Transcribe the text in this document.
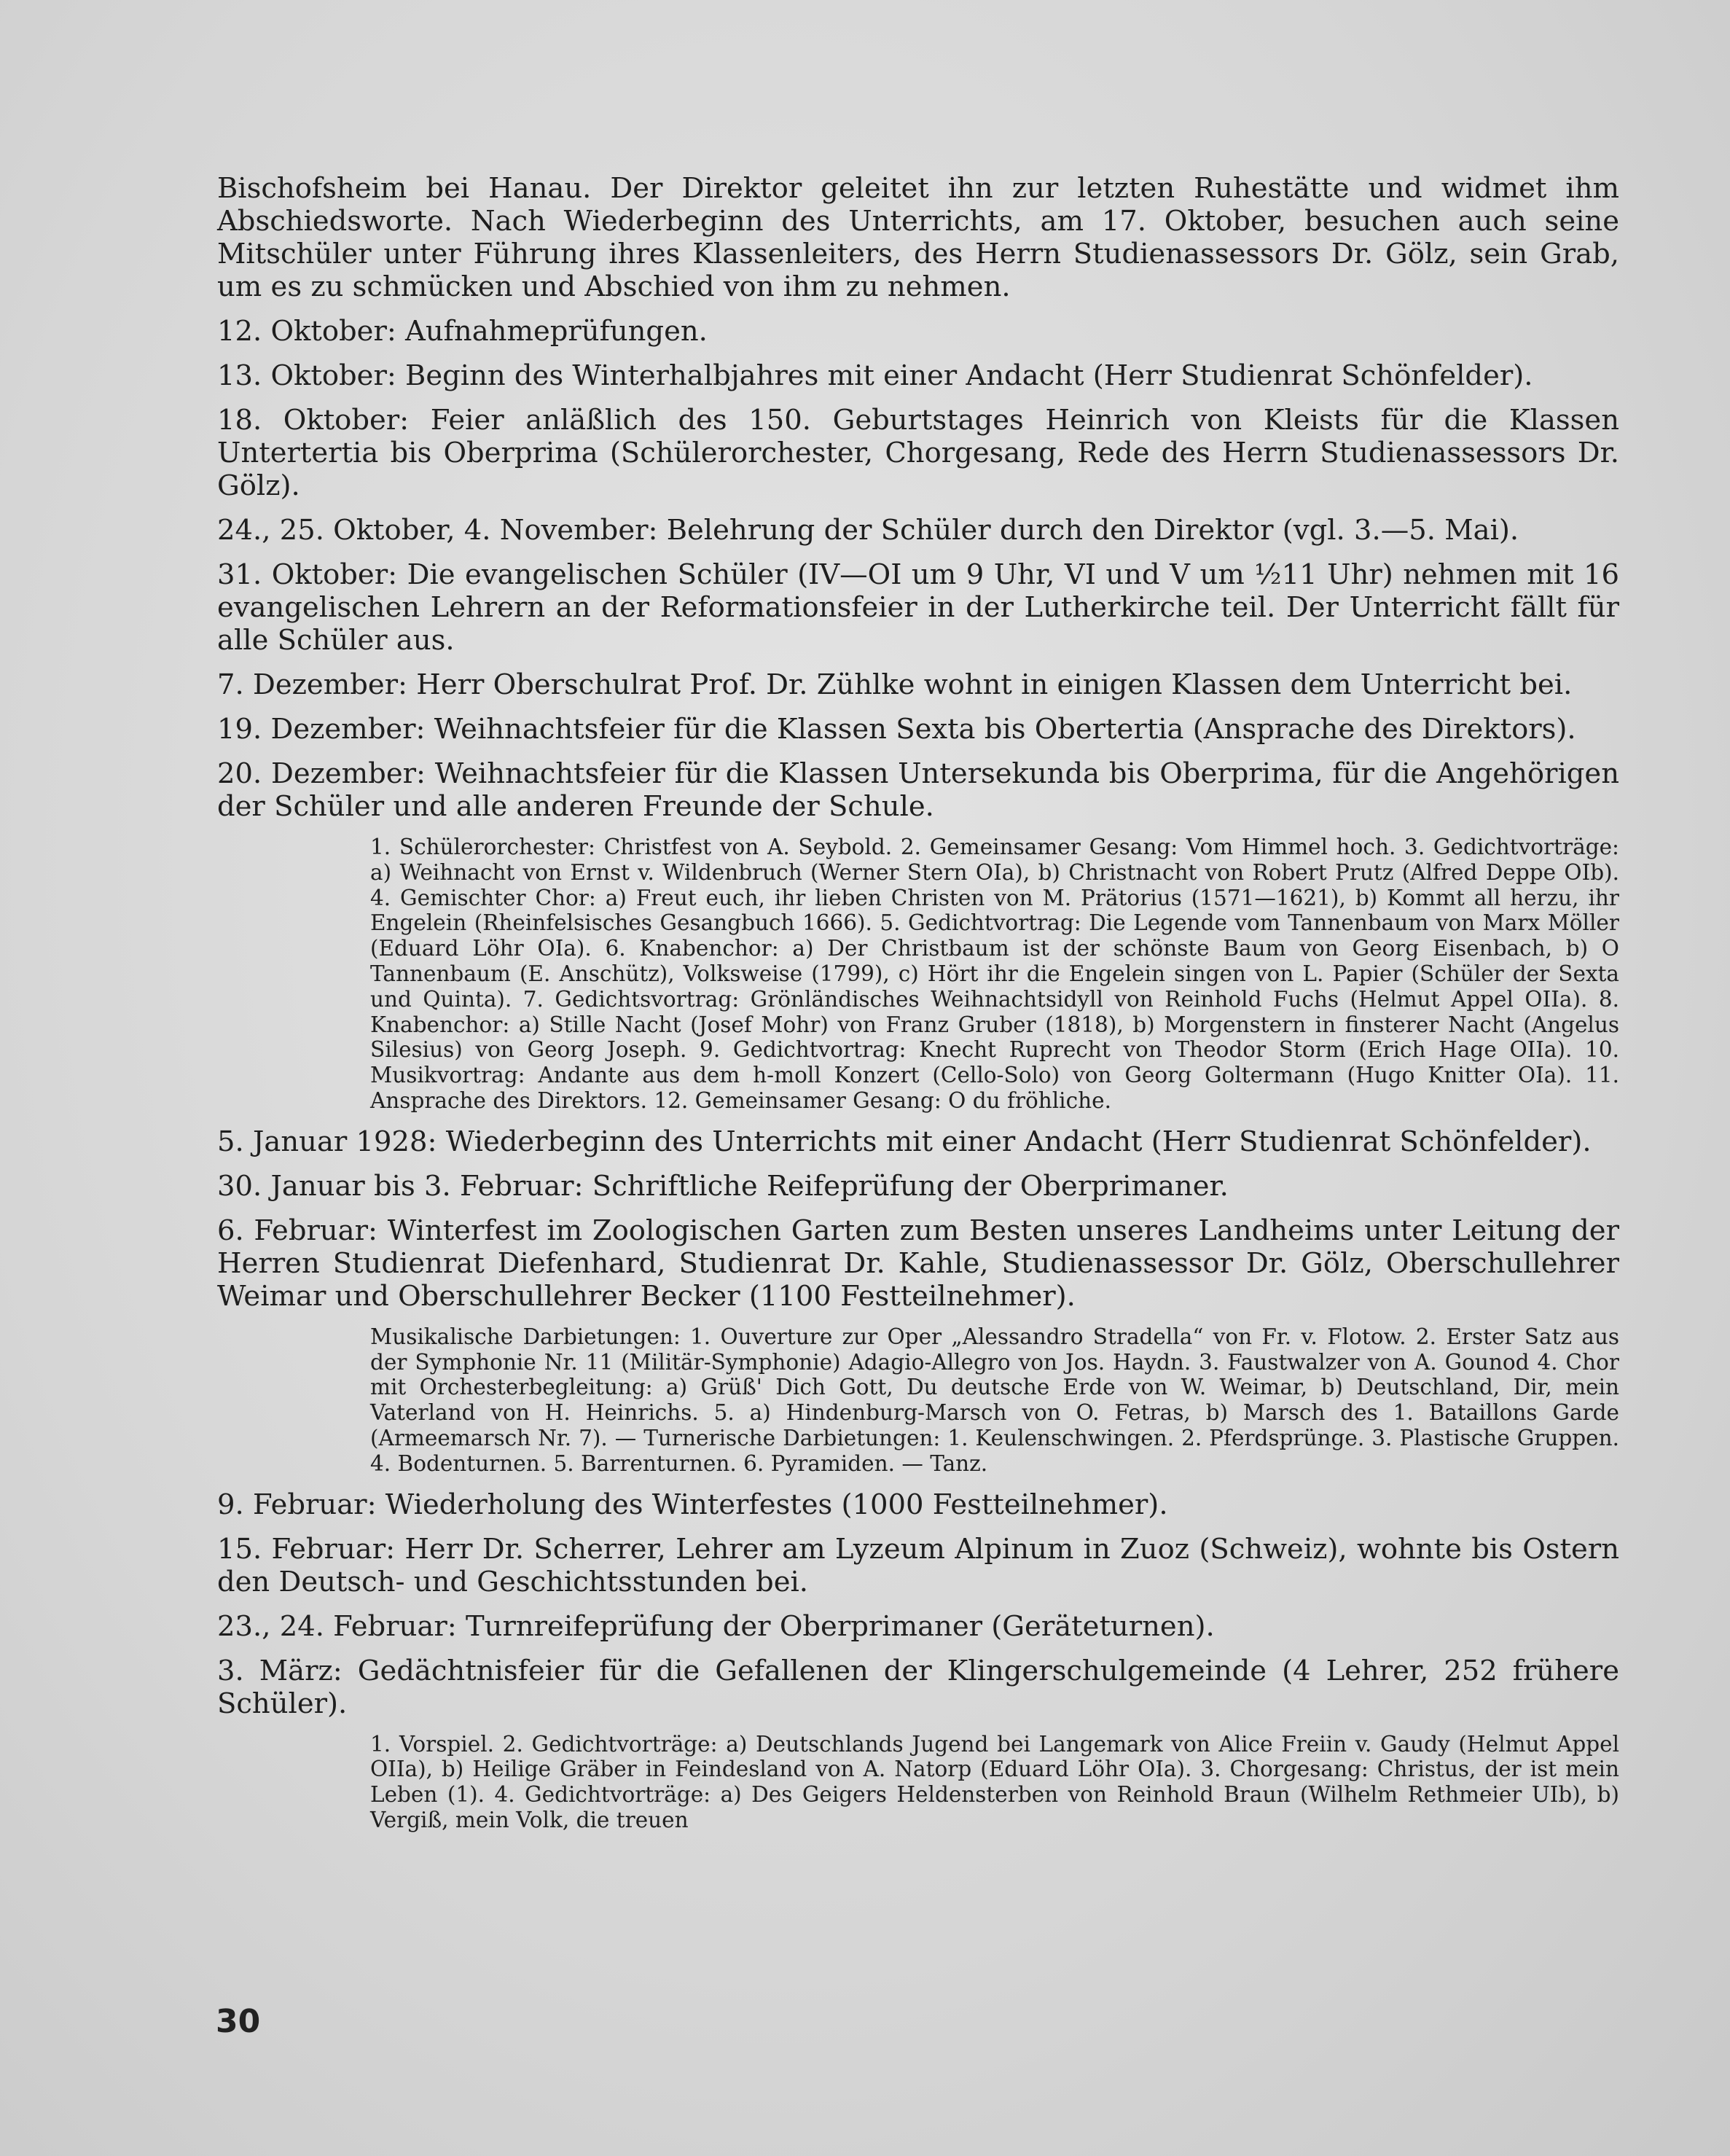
Bischofsheim bei Hanau. Der Direktor geleitet ihn zur letzten Ruhestätte und widmet ihm Abschiedsworte. Nach Wiederbeginn des Unterrichts, am 17. Oktober, besuchen auch seine Mitschüler unter Führung ihres Klassenleiters, des Herrn Studienassessors Dr. Gölz, sein Grab, um es zu schmücken und Abschied von ihm zu nehmen.

12. Oktober: Aufnahmeprüfungen.

13. Oktober: Beginn des Winterhalbjahres mit einer Andacht (Herr Studienrat Schönfelder).

18. Oktober: Feier anläßlich des 150. Geburtstages Heinrich von Kleists für die Klassen Untertertia bis Oberprima (Schülerorchester, Chorgesang, Rede des Herrn Studienassessors Dr. Gölz).

24., 25. Oktober, 4. November: Belehrung der Schüler durch den Direktor (vgl. 3.—5. Mai).

31. Oktober: Die evangelischen Schüler (IV—OI um 9 Uhr, VI und V um ½11 Uhr) nehmen mit 16 evangelischen Lehrern an der Reformationsfeier in der Lutherkirche teil. Der Unterricht fällt für alle Schüler aus.

7. Dezember: Herr Oberschulrat Prof. Dr. Zühlke wohnt in einigen Klassen dem Unterricht bei.

19. Dezember: Weihnachtsfeier für die Klassen Sexta bis Obertertia (Ansprache des Direktors).

20. Dezember: Weihnachtsfeier für die Klassen Untersekunda bis Oberprima, für die Angehörigen der Schüler und alle anderen Freunde der Schule.

1. Schülerorchester: Christfest von A. Seybold. 2. Gemeinsamer Gesang: Vom Himmel hoch. 3. Gedichtvorträge: a) Weihnacht von Ernst v. Wildenbruch (Werner Stern OIa), b) Christnacht von Robert Prutz (Alfred Deppe OIb). 4. Gemischter Chor: a) Freut euch, ihr lieben Christen von M. Prätorius (1571—1621), b) Kommt all herzu, ihr Engelein (Rheinfelsisches Gesangbuch 1666). 5. Gedichtvortrag: Die Legende vom Tannenbaum von Marx Möller (Eduard Löhr OIa). 6. Knabenchor: a) Der Christbaum ist der schönste Baum von Georg Eisenbach, b) O Tannenbaum (E. Anschütz), Volksweise (1799), c) Hört ihr die Engelein singen von L. Papier (Schüler der Sexta und Quinta). 7. Gedichtsvortrag: Grönländisches Weihnachtsidyll von Reinhold Fuchs (Helmut Appel OIIa). 8. Knabenchor: a) Stille Nacht (Josef Mohr) von Franz Gruber (1818), b) Morgenstern in finsterer Nacht (Angelus Silesius) von Georg Joseph. 9. Gedichtvortrag: Knecht Ruprecht von Theodor Storm (Erich Hage OIIa). 10. Musikvortrag: Andante aus dem h-moll Konzert (Cello-Solo) von Georg Goltermann (Hugo Knitter OIa). 11. Ansprache des Direktors. 12. Gemeinsamer Gesang: O du fröhliche.

5. Januar 1928: Wiederbeginn des Unterrichts mit einer Andacht (Herr Studienrat Schönfelder).

30. Januar bis 3. Februar: Schriftliche Reifeprüfung der Oberprimaner.

6. Februar: Winterfest im Zoologischen Garten zum Besten unseres Landheims unter Leitung der Herren Studienrat Diefenhard, Studienrat Dr. Kahle, Studienassessor Dr. Gölz, Oberschullehrer Weimar und Oberschullehrer Becker (1100 Festteilnehmer).

Musikalische Darbietungen: 1. Ouverture zur Oper „Alessandro Stradella“ von Fr. v. Flotow. 2. Erster Satz aus der Symphonie Nr. 11 (Militär-Symphonie) Adagio-Allegro von Jos. Haydn. 3. Faustwalzer von A. Gounod 4. Chor mit Orchesterbegleitung: a) Grüß' Dich Gott, Du deutsche Erde von W. Weimar, b) Deutschland, Dir, mein Vaterland von H. Heinrichs. 5. a) Hindenburg-Marsch von O. Fetras, b) Marsch des 1. Bataillons Garde (Armeemarsch Nr. 7). — Turnerische Darbietungen: 1. Keulenschwingen. 2. Pferdsprünge. 3. Plastische Gruppen. 4. Bodenturnen. 5. Barrenturnen. 6. Pyramiden. — Tanz.

9. Februar: Wiederholung des Winterfestes (1000 Festteilnehmer).

15. Februar: Herr Dr. Scherrer, Lehrer am Lyzeum Alpinum in Zuoz (Schweiz), wohnte bis Ostern den Deutsch- und Geschichtsstunden bei.

23., 24. Februar: Turnreifeprüfung der Oberprimaner (Geräteturnen).

3. März: Gedächtnisfeier für die Gefallenen der Klingerschulgemeinde (4 Lehrer, 252 frühere Schüler).

1. Vorspiel. 2. Gedichtvorträge: a) Deutschlands Jugend bei Langemark von Alice Freiin v. Gaudy (Helmut Appel OIIa), b) Heilige Gräber in Feindesland von A. Natorp (Eduard Löhr OIa). 3. Chorgesang: Christus, der ist mein Leben (1). 4. Gedichtvorträge: a) Des Geigers Heldensterben von Reinhold Braun (Wilhelm Rethmeier UIb), b) Vergiß, mein Volk, die treuen

30
